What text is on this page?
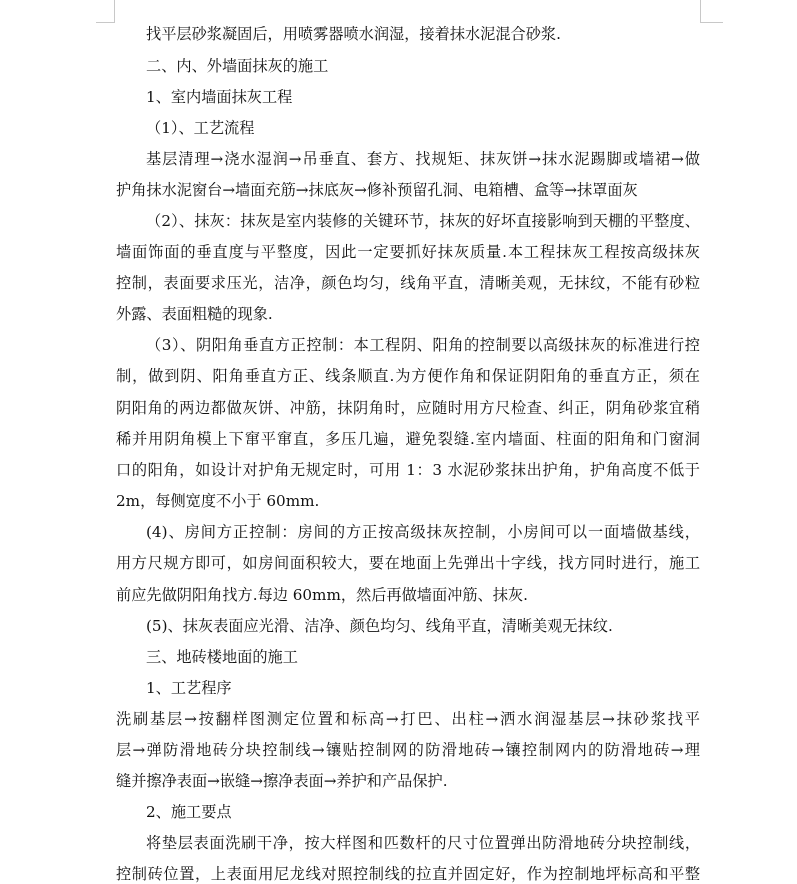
找平层砂浆凝固后，用喷雾器喷水润湿，接着抹水泥混合砂浆.
二、内、外墙面抹灰的施工
1、室内墙面抹灰工程
（1）、工艺流程
基层清理→浇水湿润→吊垂直、套方、找规矩、抹灰饼→抹水泥踢脚或墙裙→做
护角抹水泥窗台→墙面充筋→抹底灰→修补预留孔洞、电箱槽、盒等→抹罩面灰
（2）、抹灰：抹灰是室内装修的关键环节，抹灰的好坏直接影响到天棚的平整度、
墙面饰面的垂直度与平整度，因此一定要抓好抹灰质量.本工程抹灰工程按高级抹灰
控制，表面要求压光，洁净，颜色均匀，线角平直，清晰美观，无抹纹，不能有砂粒
外露、表面粗糙的现象.
（3）、阴阳角垂直方正控制：本工程阴、阳角的控制要以高级抹灰的标准进行控
制，做到阴、阳角垂直方正、线条顺直.为方便作角和保证阴阳角的垂直方正，须在
阴阳角的两边都做灰饼、冲筋，抹阴角时，应随时用方尺检查、纠正，阴角砂浆宜稍
稀并用阴角模上下窜平窜直，多压几遍，避免裂缝.室内墙面、柱面的阳角和门窗洞
口的阳角，如设计对护角无规定时，可用 1：3 水泥砂浆抹出护角，护角高度不低于
2m，每侧宽度不小于 60mm.
(4)、房间方正控制：房间的方正按高级抹灰控制，小房间可以一面墙做基线，
用方尺规方即可，如房间面积较大，要在地面上先弹出十字线，找方同时进行，施工
前应先做阴阳角找方.每边 60mm，然后再做墙面冲筋、抹灰.
(5)、抹灰表面应光滑、洁净、颜色均匀、线角平直，清晰美观无抹纹.
三、地砖楼地面的施工
1、工艺程序
洗刷基层→按翻样图测定位置和标高→打巴、出柱→洒水润湿基层→抹砂浆找平
层→弹防滑地砖分块控制线→镶贴控制网的防滑地砖→镶控制网内的防滑地砖→理
缝并擦净表面→嵌缝→擦净表面→养护和产品保护.
2、施工要点
将垫层表面洗刷干净，按大样图和匹数杆的尺寸位置弹出防滑地砖分块控制线，
控制砖位置，上表面用尼龙线对照控制线的拉直并固定好，作为控制地坪标高和平整
